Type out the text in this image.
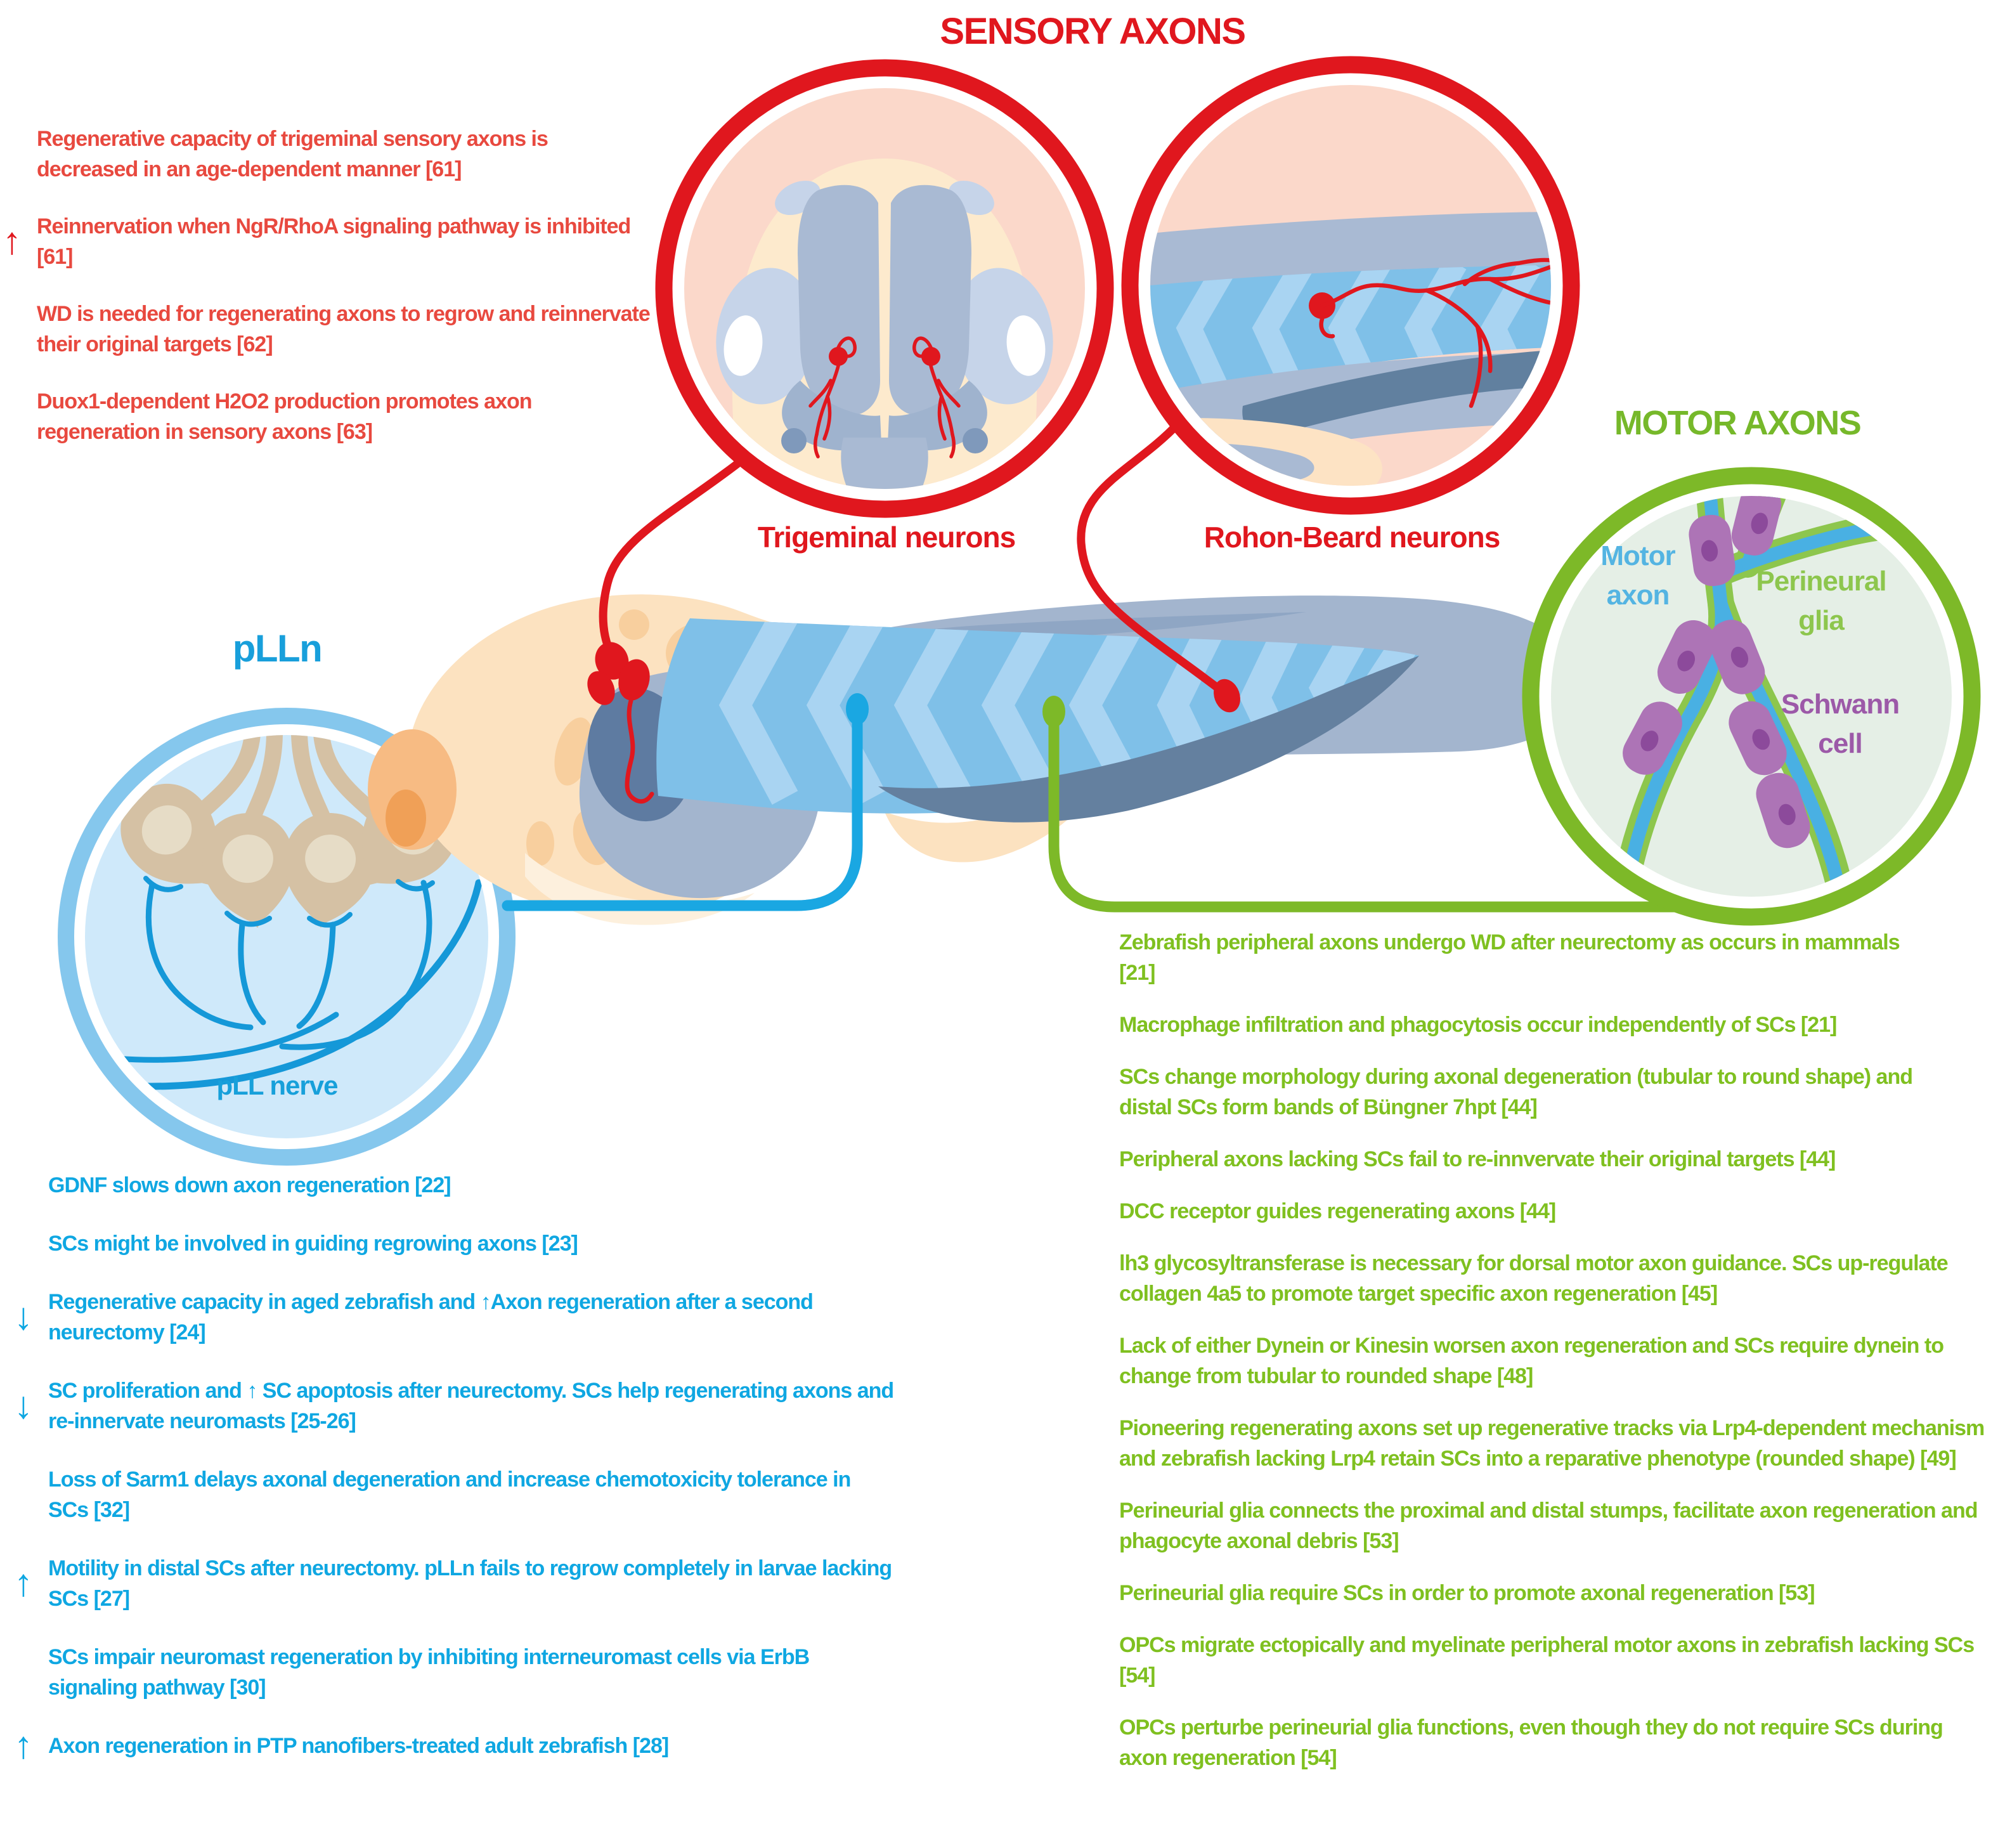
SENSORY AXONS
MOTOR AXONS
pLLn
Trigeminal neurons	Rohon-Beard neurons
pLL nerve
Motor axon	Perineural glia
Schwann cell
Regenerative capacity of trigeminal sensory axons is decreased in an age-dependent manner [61]
↑ Reinnervation when NgR/RhoA signaling pathway is inhibited [61]
WD is needed for regenerating axons to regrow and reinnervate their original targets [62]
Duox1-dependent H2O2 production promotes axon regeneration in sensory axons [63]
GDNF slows down axon regeneration [22]
SCs might be involved in guiding regrowing axons [23]
↓ Regenerative capacity in aged zebrafish and ↑Axon regeneration after a second neurectomy [24]
↓ SC proliferation and ↑ SC apoptosis after neurectomy. SCs help regenerating axons and re-innervate neuromasts [25-26]
Loss of Sarm1 delays axonal degeneration and increase chemotoxicity tolerance in SCs [32]
↑ Motility in distal SCs after neurectomy. pLLn fails to regrow completely in larvae lacking SCs [27]
SCs impair neuromast regeneration by inhibiting interneuromast cells via ErbB signaling pathway [30]
↑ Axon regeneration in PTP nanofibers-treated adult zebrafish [28]
Zebrafish peripheral axons undergo WD after neurectomy as occurs in mammals [21]
Macrophage infiltration and phagocytosis occur independently of SCs [21]
SCs change morphology during axonal degeneration (tubular to round shape) and distal SCs form bands of Büngner 7hpt [44]
Peripheral axons lacking SCs fail to re-innvervate their original targets [44]
DCC receptor guides regenerating axons [44]
lh3 glycosyltransferase is necessary for dorsal motor axon guidance. SCs up-regulate collagen 4a5 to promote target specific axon regeneration [45]
Lack of either Dynein or Kinesin worsen axon regeneration and SCs require dynein to change from tubular to rounded shape [48]
Pioneering regenerating axons set up regenerative tracks via Lrp4-dependent mechanism and zebrafish lacking Lrp4 retain SCs into a reparative phenotype (rounded shape) [49]
Perineurial glia connects the proximal and distal stumps, facilitate axon regeneration and phagocyte axonal debris [53]
Perineurial glia require SCs in order to promote axonal regeneration [53]
OPCs migrate ectopically and myelinate peripheral motor axons in zebrafish lacking SCs [54]
OPCs perturbe perineurial glia functions, even though they do not require SCs during axon regeneration [54]
